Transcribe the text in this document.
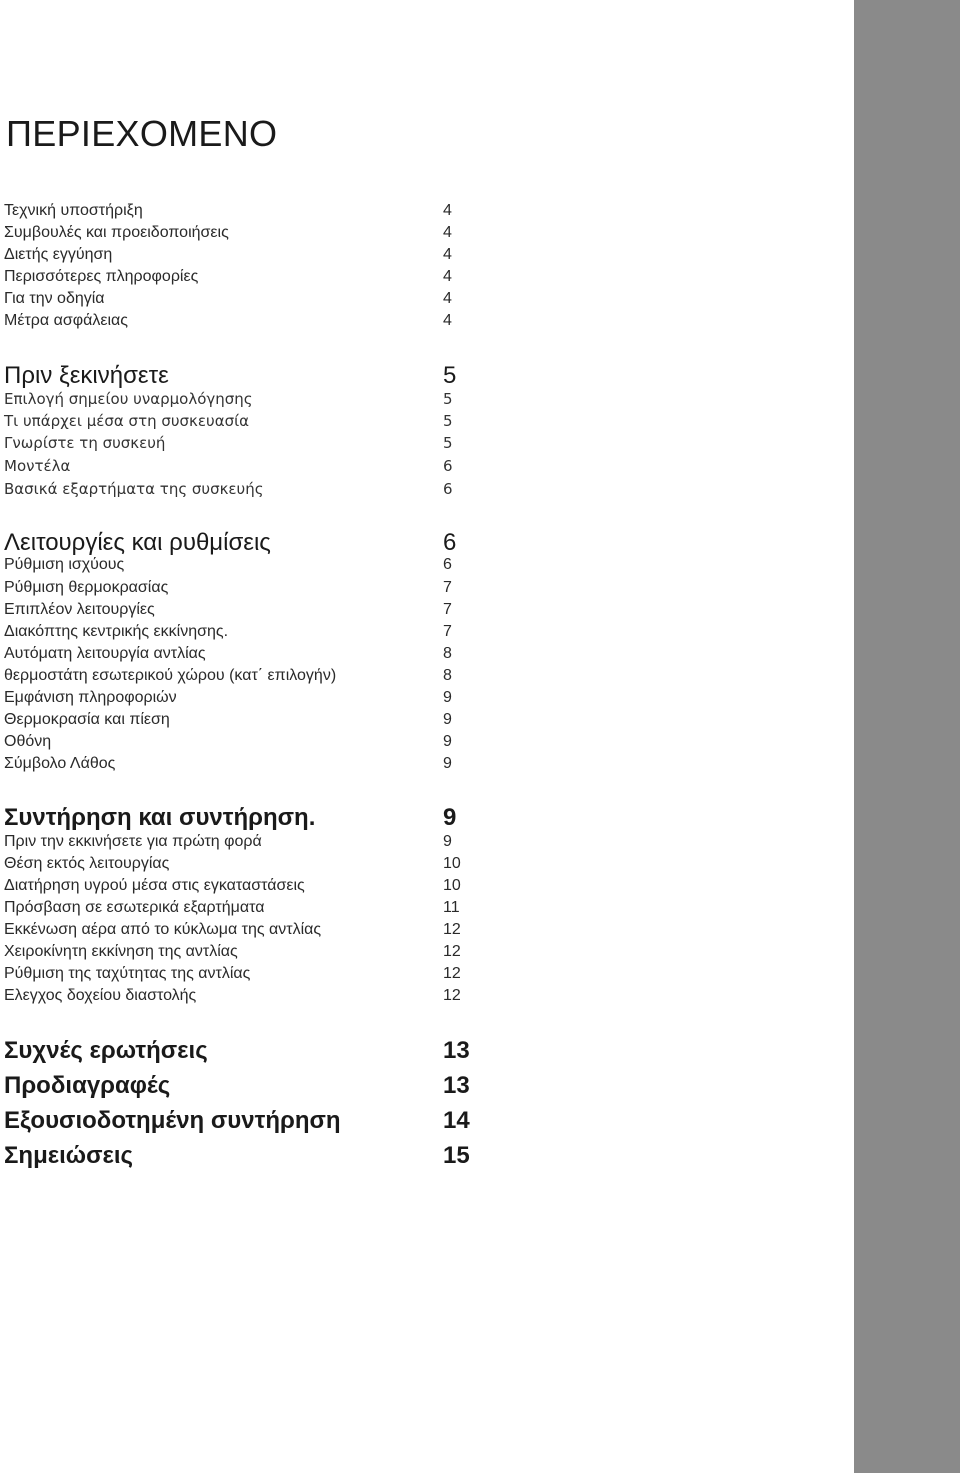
ΠΕΡΙΕΧΟΜΕΝΟ
Τεχνική υποστήριξη	4
Συμβουλές και προειδοποιήσεις	4
Διετής εγγύηση	4
Περισσότερες πληροφορίες	4
Για την οδηγία	4
Μέτρα ασφάλειας	4
Πριν ξεκινήσετε	5
Επιλογή σημείου υναρμολόγησης	5
Τι υπάρχει μέσα στη συσκευασία	5
Γνωρίστε τη συσκευή	5
Μοντέλα	6
Βασικά εξαρτήματα της συσκευής	6
Λειτουργίες και ρυθμίσεις	6
Ρύθμιση ισχύους	6
Ρύθμιση θερμοκρασίας	7
Επιπλέον λειτουργίες	7
Διακόπτης κεντρικής εκκίνησης.	7
Αυτόματη λειτουργία αντλίας	8
θερμοστάτη εσωτερικού χώρου (κατ΄ επιλογήν)	8
Εμφάνιση πληροφοριών	9
Θερμοκρασία και πίεση	9
Οθόνη	9
Σύμβολο Λάθος	9
Συντήρηση και συντήρηση.	9
Πριν την εκκινήσετε για πρώτη φορά	9
Θέση εκτός λειτουργίας	10
Διατήρηση υγρού μέσα στις εγκαταστάσεις	10
Πρόσβαση σε εσωτερικά εξαρτήματα	11
Εκκένωση αέρα από το κύκλωμα της αντλίας	12
Χειροκίνητη εκκίνηση της αντλίας	12
Ρύθμιση της ταχύτητας της αντλίας	12
Ελεγχος δοχείου διαστολής	12
Συχνές ερωτήσεις	13
Προδιαγραφές	13
Εξουσιοδοτημένη συντήρηση	14
Σημειώσεις	15
